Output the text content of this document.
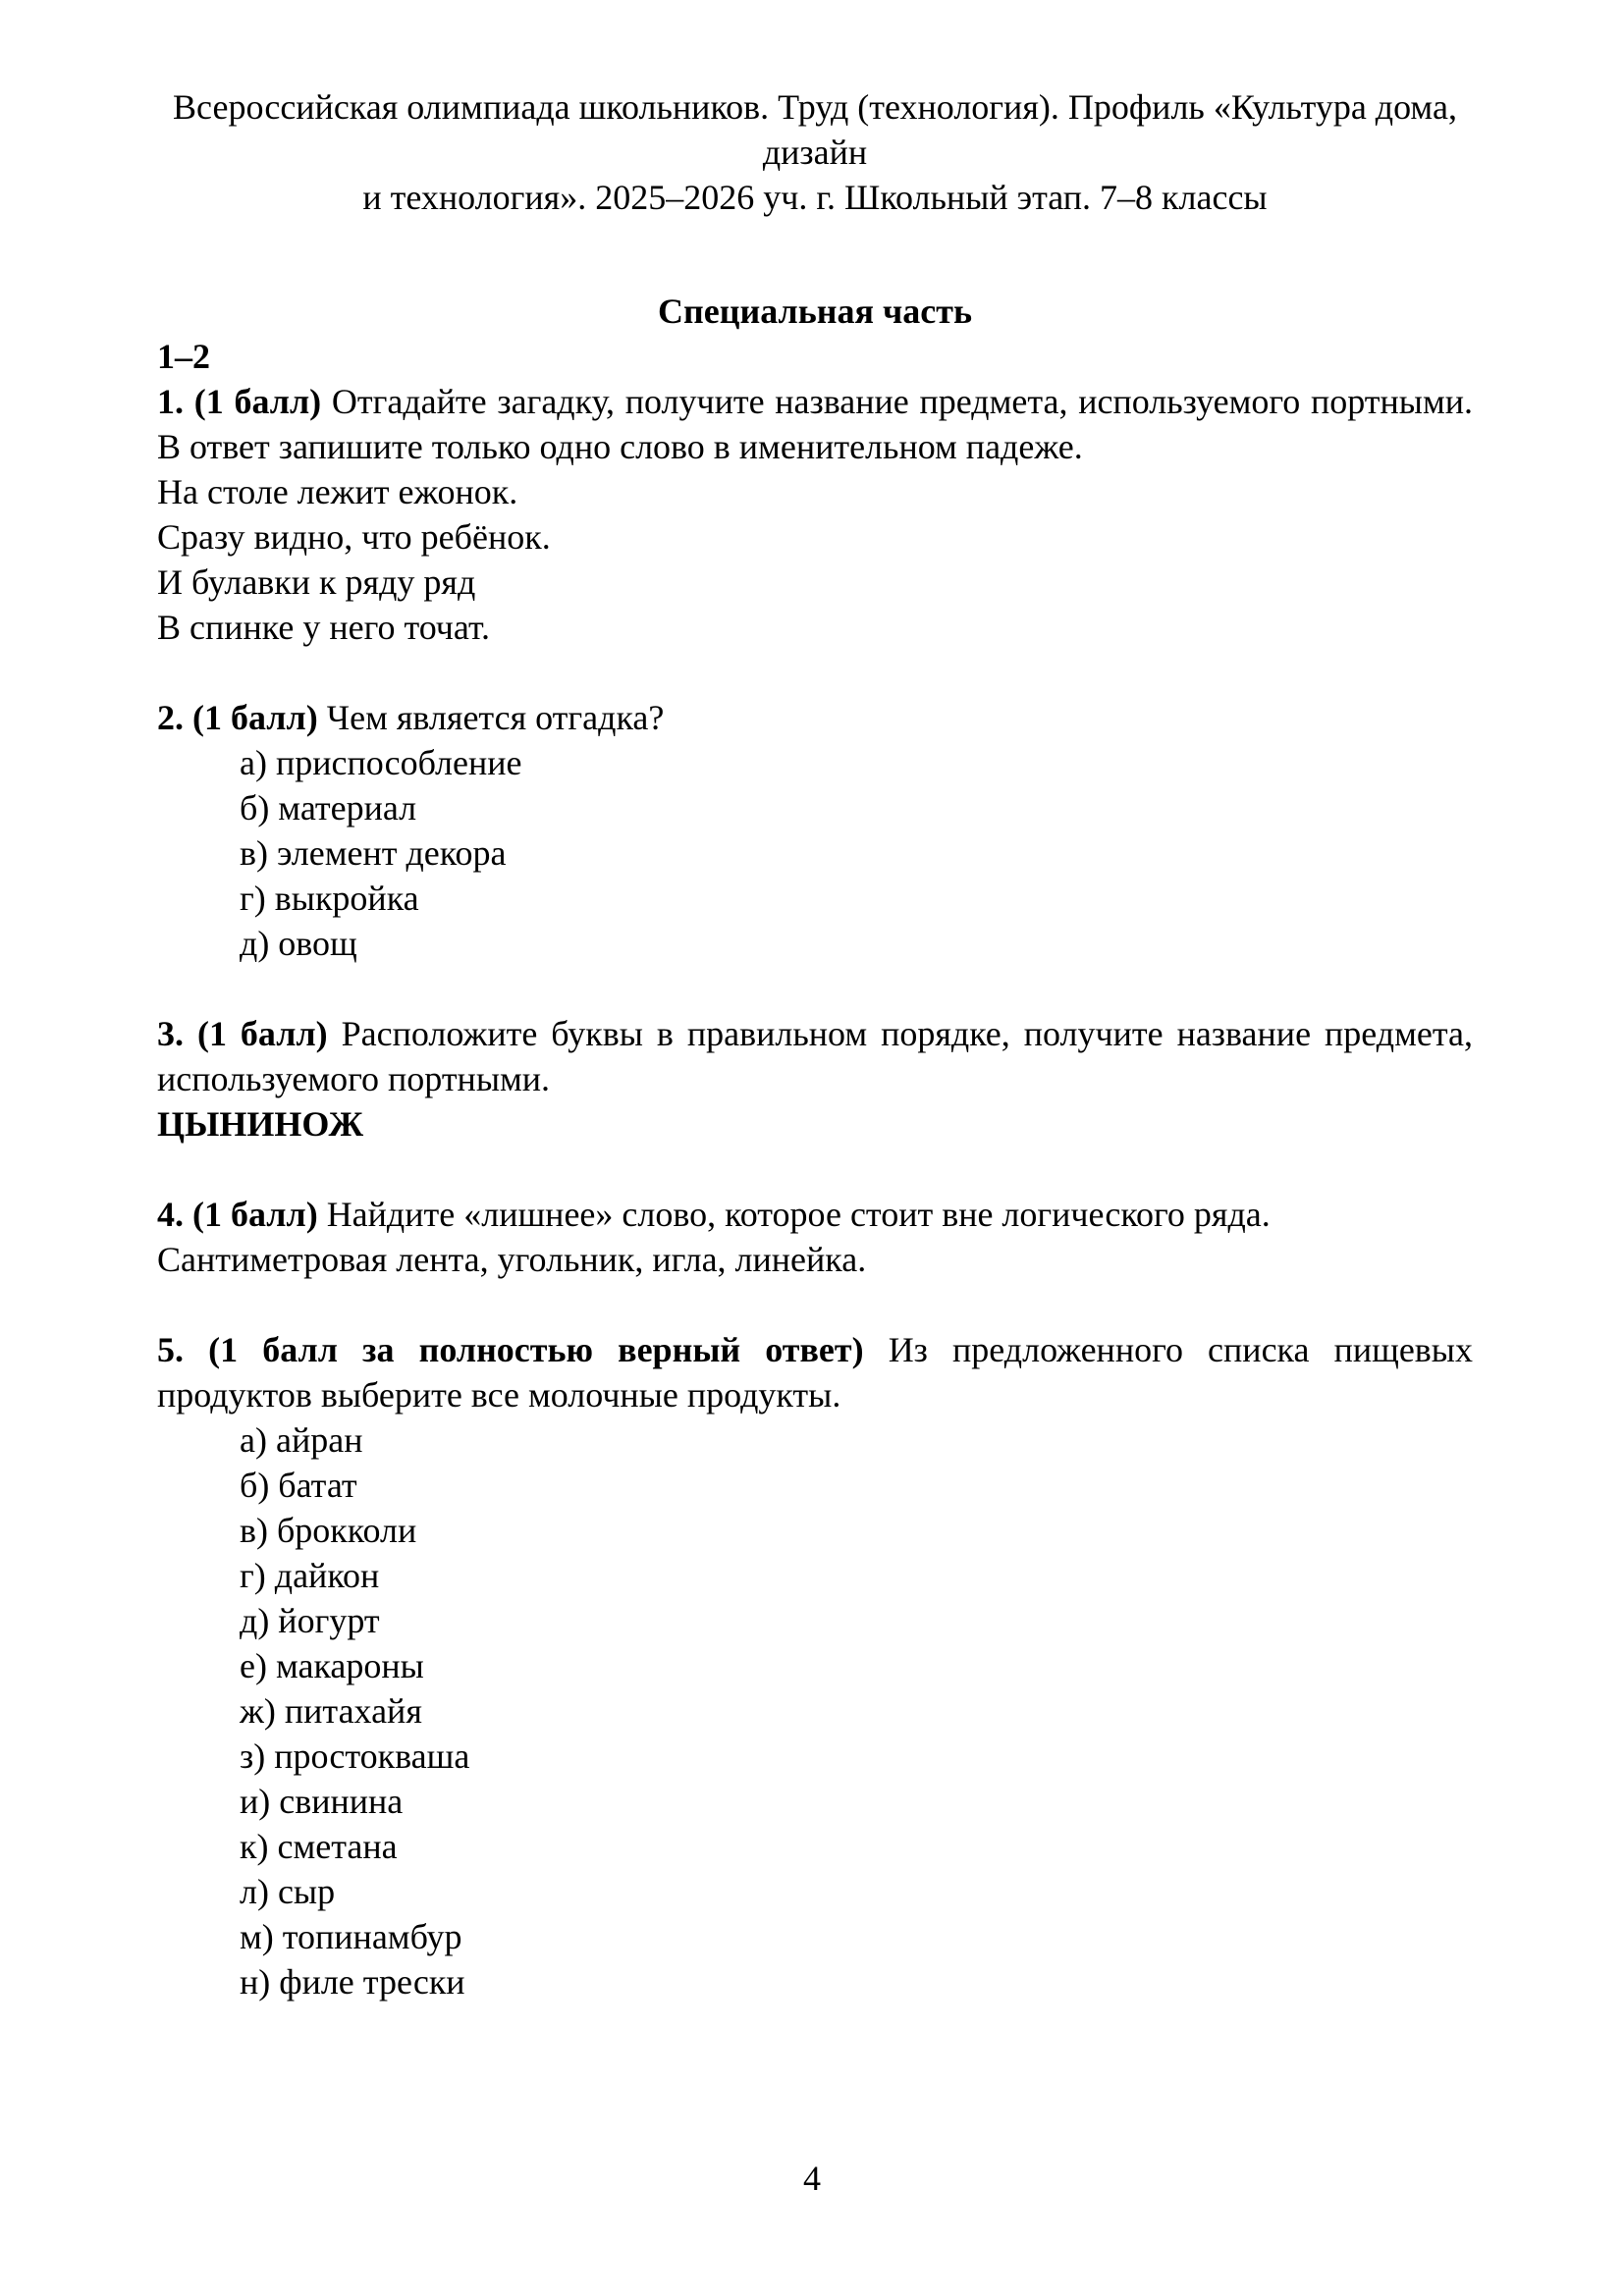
Всероссийская олимпиада школьников. Труд (технология). Профиль «Культура дома, дизайн
и технология». 2025–2026 уч. г. Школьный этап. 7–8 классы
Специальная часть
1–2

1. (1 балл) Отгадайте загадку, получите название предмета, используемого портными. В ответ запишите только одно слово в именительном падеже.

На столе лежит ежонок.
Сразу видно, что ребёнок.
И булавки к ряду ряд
В спинке у него точат.

2. (1 балл) Чем является отгадка?

а) приспособление
б) материал
в) элемент декора
г) выкройка
д) овощ

3. (1 балл) Расположите буквы в правильном порядке, получите название предмета, используемого портными.

ЦЫНИНОЖ

4. (1 балл) Найдите «лишнее» слово, которое стоит вне логического ряда.

Сантиметровая лента, угольник, игла, линейка.

5. (1 балл за полностью верный ответ) Из предложенного списка пищевых продуктов выберите все молочные продукты.

а) айран
б) батат
в) брокколи
г) дайкон
д) йогурт
е) макароны
ж) питахайя
з) простокваша
и) свинина
к) сметана
л) сыр
м) топинамбур
н) филе трески
4
